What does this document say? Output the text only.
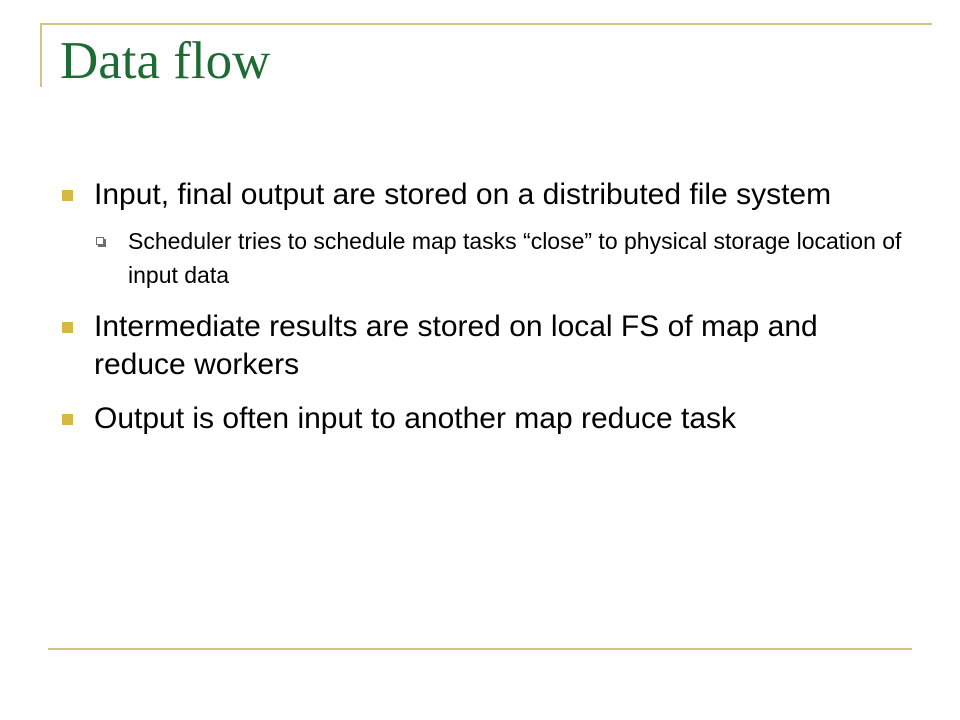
Data flow
Input, final output are stored on a distributed file system
Scheduler tries to schedule map tasks “close” to physical storage location of input data
Intermediate results are stored on local FS of map and reduce workers
Output is often input to another map reduce task
